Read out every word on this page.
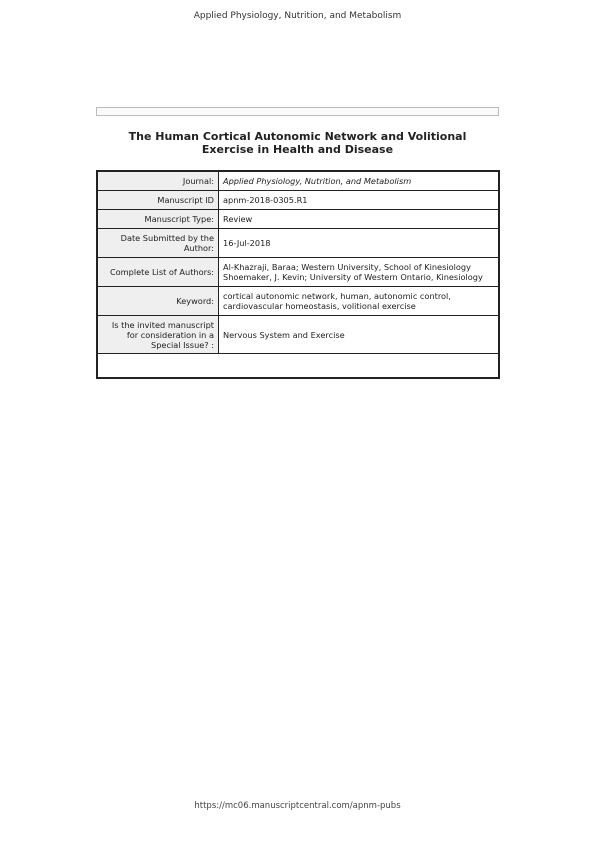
Applied Physiology, Nutrition, and Metabolism
The Human Cortical Autonomic Network and Volitional
Exercise in Health and Disease
Journal:	Applied Physiology, Nutrition, and Metabolism
Manuscript ID	apnm-2018-0305.R1
Manuscript Type:	Review

Date Submitted by the
Author:	16-Jul-2018
Complete List of Authors:	Al-Khazraji, Baraa; Western University, School of Kinesiology
Shoemaker, J. Kevin; University of Western Ontario, Kinesiology

Keyword:	cortical autonomic network, human, autonomic control,
cardiovascular homeostasis, volitional exercise

Is the invited manuscript
for consideration in a
Special Issue? :	Nervous System and Exercise

https://mc06.manuscriptcentral.com/apnm-pubs
